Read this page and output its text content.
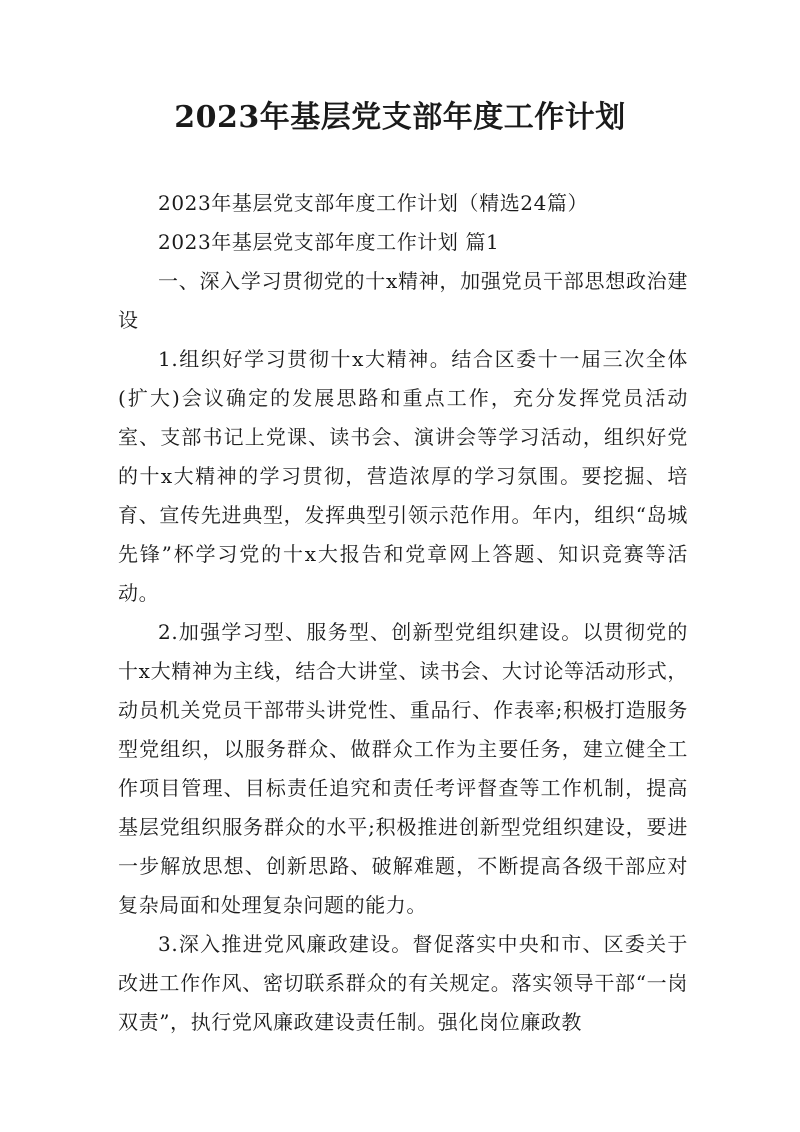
2023年基层党支部年度工作计划

2023年基层党支部年度工作计划（精选24篇）

2023年基层党支部年度工作计划 篇1

一、深入学习贯彻党的十x精神，加强党员干部思想政治建设

1.组织好学习贯彻十x大精神。结合区委十一届三次全体(扩大)会议确定的发展思路和重点工作，充分发挥党员活动室、支部书记上党课、读书会、演讲会等学习活动，组织好党的十x大精神的学习贯彻，营造浓厚的学习氛围。要挖掘、培育、宣传先进典型，发挥典型引领示范作用。年内，组织“岛城先锋”杯学习党的十x大报告和党章网上答题、知识竞赛等活动。

2.加强学习型、服务型、创新型党组织建设。以贯彻党的十x大精神为主线，结合大讲堂、读书会、大讨论等活动形式，动员机关党员干部带头讲党性、重品行、作表率;积极打造服务型党组织，以服务群众、做群众工作为主要任务，建立健全工作项目管理、目标责任追究和责任考评督查等工作机制，提高基层党组织服务群众的水平;积极推进创新型党组织建设，要进一步解放思想、创新思路、破解难题，不断提高各级干部应对复杂局面和处理复杂问题的能力。

3.深入推进党风廉政建设。督促落实中央和市、区委关于改进工作作风、密切联系群众的有关规定。落实领导干部“一岗双责”，执行党风廉政建设责任制。强化岗位廉政教
